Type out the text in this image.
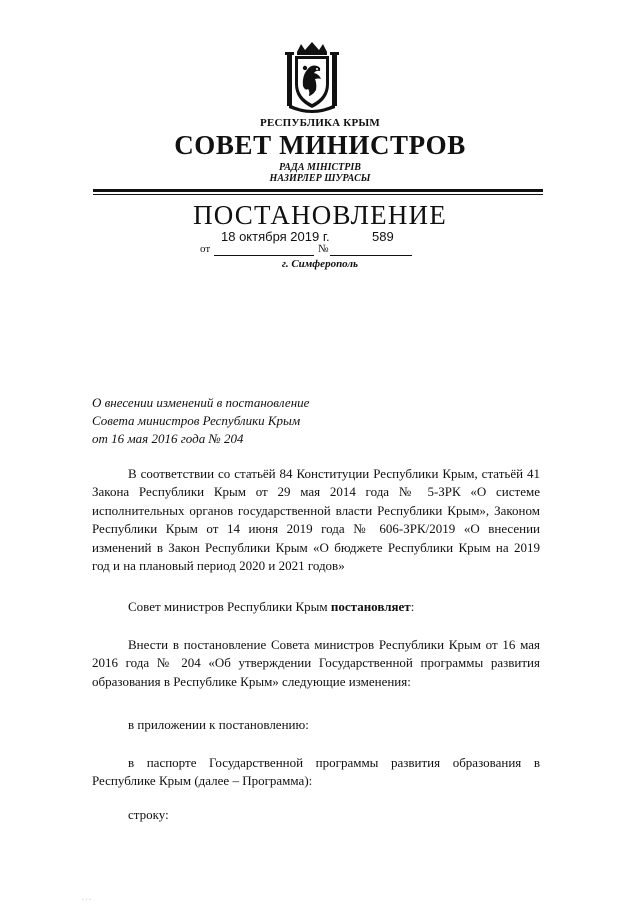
РЕСПУБЛИКА КРЫМ
СОВЕТ МИНИСТРОВ
РАДА МІНІСТРІВ
НАЗИРЛЕР ШУРАСЫ
ПОСТАНОВЛЕНИЕ
18 октября 2019 г.	589
от	№
г. Симферополь
О внесении изменений в постановление
Совета министров Республики Крым
от 16 мая 2016 года № 204
В соответствии со статьёй 84 Конституции Республики Крым, статьёй 41 Закона Республики Крым от 29 мая 2014 года № 5-ЗРК «О системе исполнительных органов государственной власти Республики Крым», Законом Республики Крым от 14 июня 2019 года № 606-ЗРК/2019 «О внесении изменений в Закон Республики Крым «О бюджете Республики Крым на 2019 год и на плановый период 2020 и 2021 годов»
Совет министров Республики Крым постановляет:
Внести в постановление Совета министров Республики Крым от 16 мая 2016 года № 204 «Об утверждении Государственной программы развития образования в Республике Крым» следующие изменения:
в приложении к постановлению:
в паспорте Государственной программы развития образования в Республике Крым (далее – Программа):
строку:
· · ·
